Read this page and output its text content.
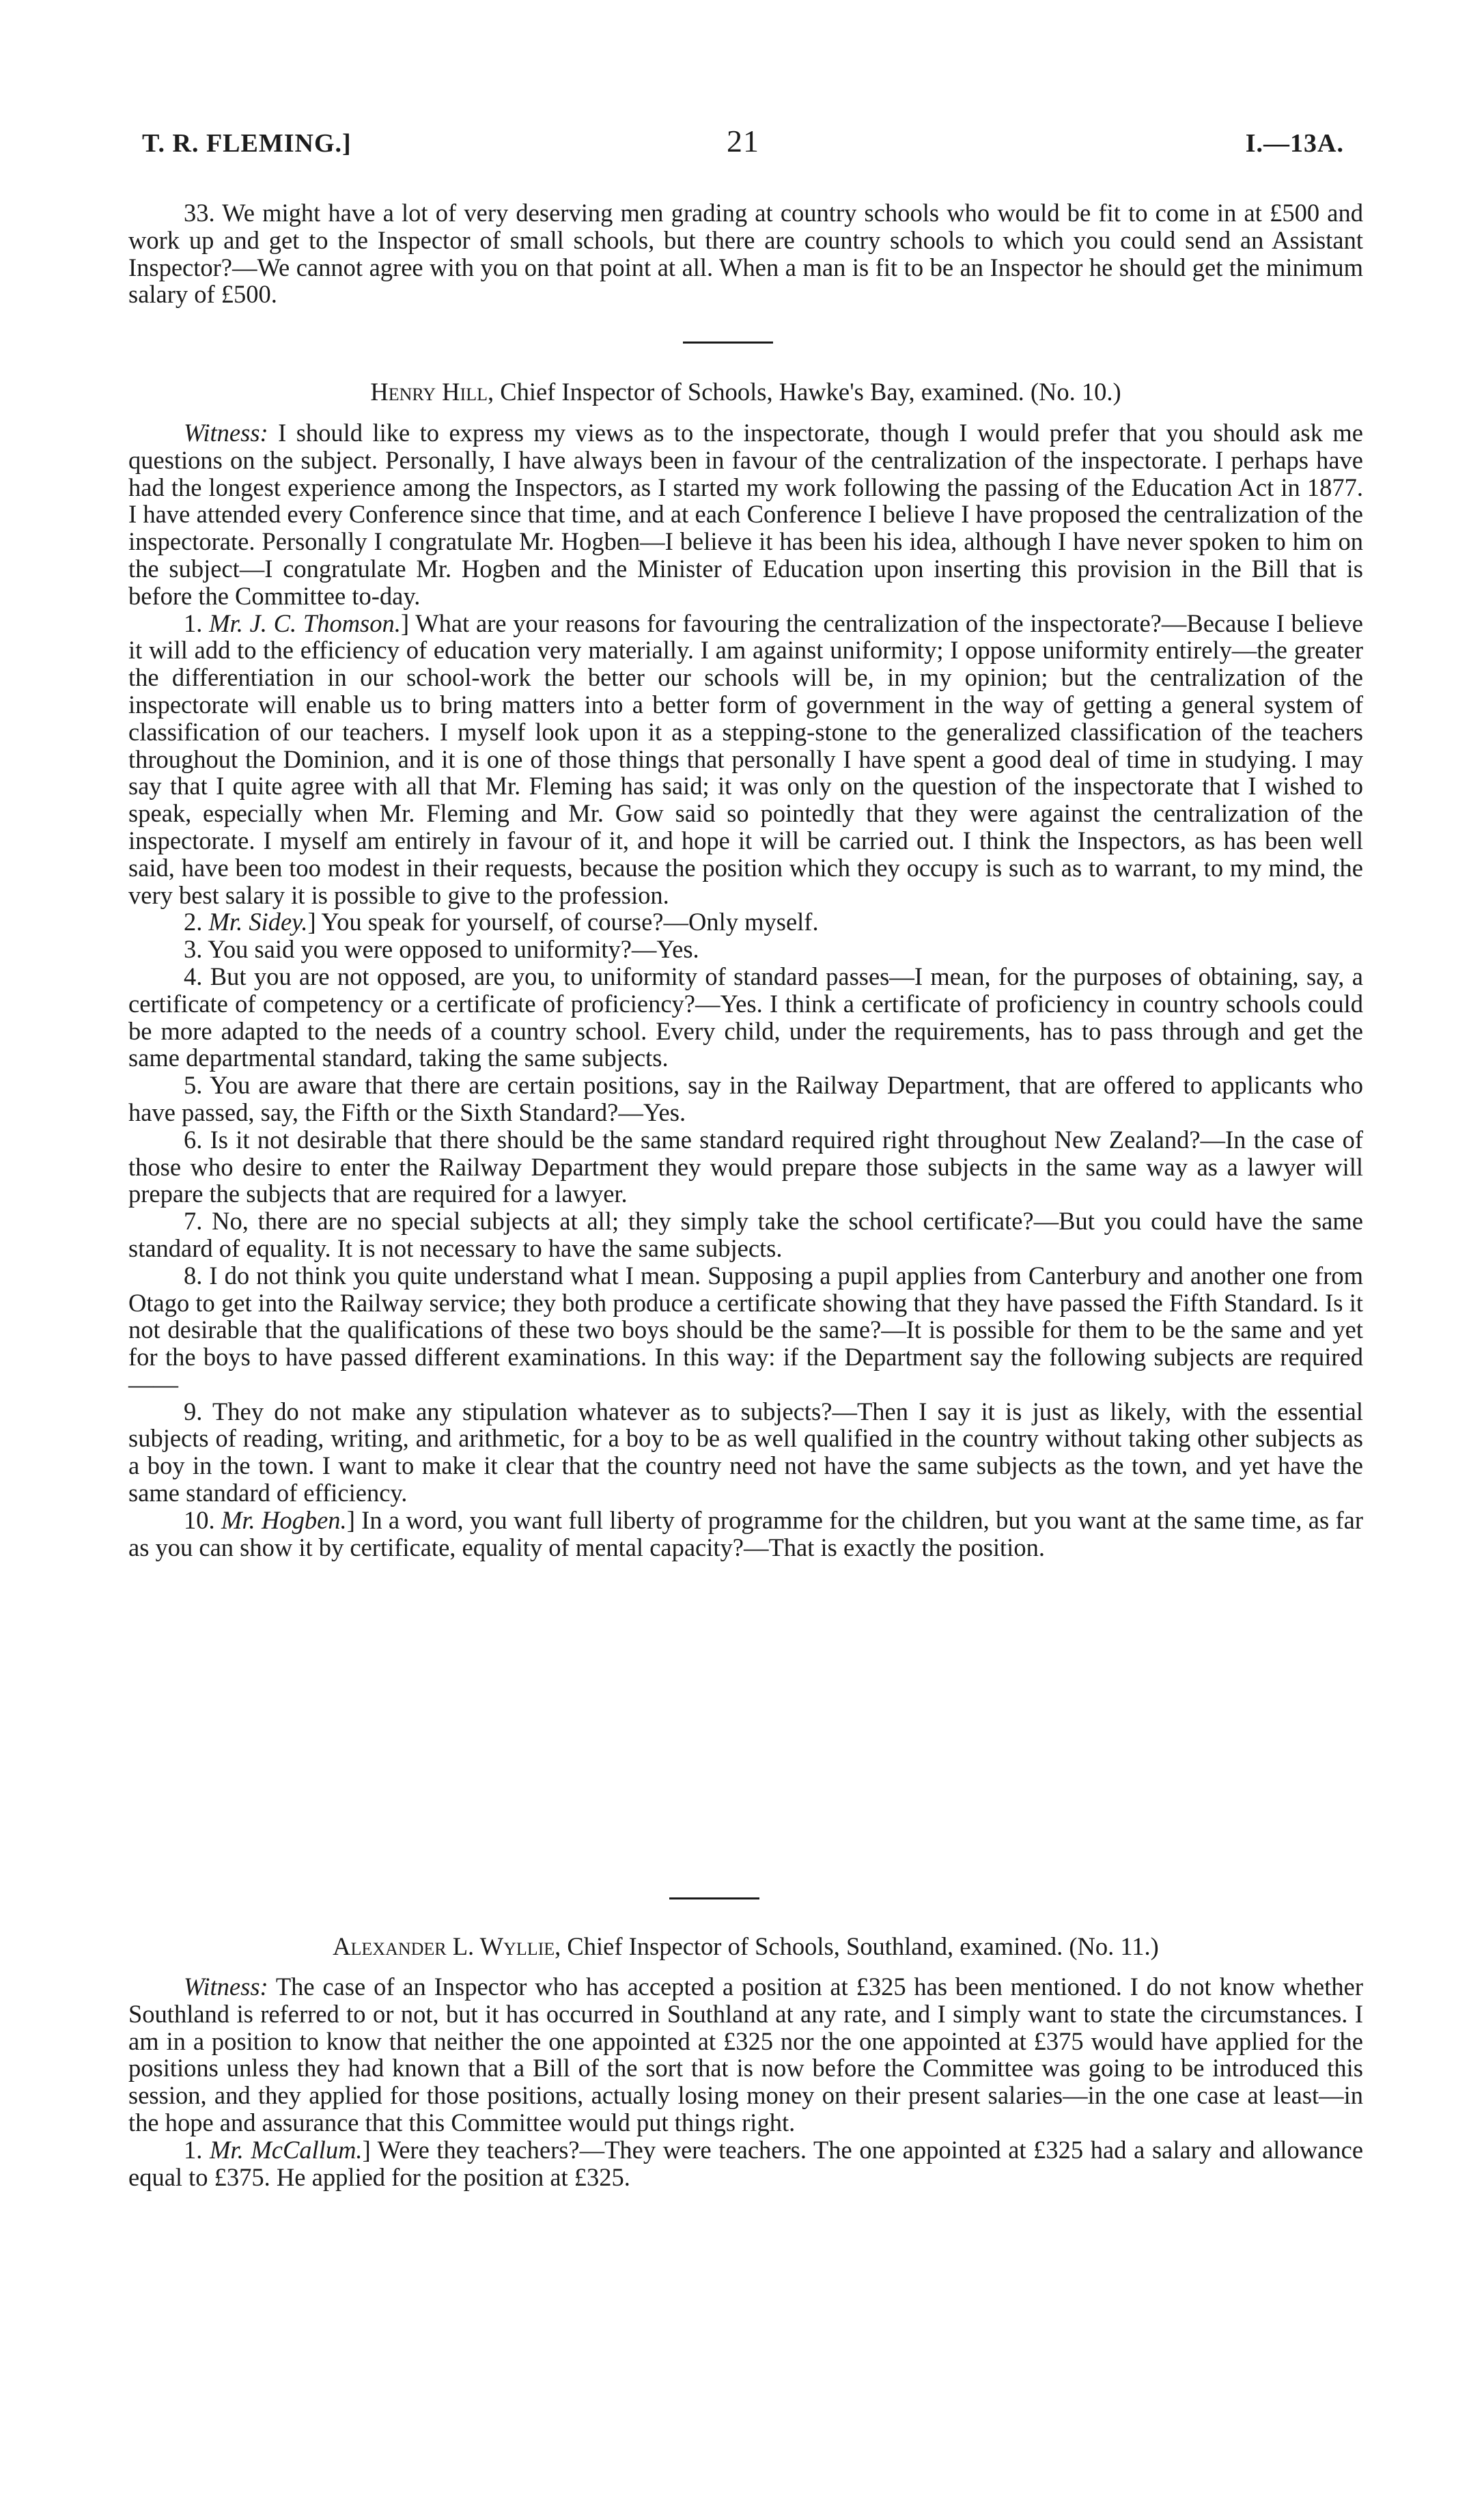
T. R. FLEMING.]	21	I.—13A.

33. We might have a lot of very deserving men grading at country schools who would be fit to come in at £500 and work up and get to the Inspector of small schools, but there are country schools to which you could send an Assistant Inspector?—We cannot agree with you on that point at all. When a man is fit to be an Inspector he should get the minimum salary of £500.

Henry Hill, Chief Inspector of Schools, Hawke's Bay, examined. (No. 10.)

Witness: I should like to express my views as to the inspectorate, though I would prefer that you should ask me questions on the subject. Personally, I have always been in favour of the centralization of the inspectorate. I perhaps have had the longest experience among the Inspectors, as I started my work following the passing of the Education Act in 1877. I have attended every Conference since that time, and at each Conference I believe I have proposed the centralization of the inspectorate. Personally I congratulate Mr. Hogben—I believe it has been his idea, although I have never spoken to him on the subject—I congratulate Mr. Hogben and the Minister of Education upon inserting this provision in the Bill that is before the Committee to-day.

1. Mr. J. C. Thomson.] What are your reasons for favouring the centralization of the inspectorate?—Because I believe it will add to the efficiency of education very materially. I am against uniformity; I oppose uniformity entirely—the greater the differentiation in our school-work the better our schools will be, in my opinion; but the centralization of the inspectorate will enable us to bring matters into a better form of government in the way of getting a general system of classification of our teachers. I myself look upon it as a stepping-stone to the generalized classification of the teachers throughout the Dominion, and it is one of those things that personally I have spent a good deal of time in studying. I may say that I quite agree with all that Mr. Fleming has said; it was only on the question of the inspectorate that I wished to speak, especially when Mr. Fleming and Mr. Gow said so pointedly that they were against the centralization of the inspectorate. I myself am entirely in favour of it, and hope it will be carried out. I think the Inspectors, as has been well said, have been too modest in their requests, because the position which they occupy is such as to warrant, to my mind, the very best salary it is possible to give to the profession.

2. Mr. Sidey.] You speak for yourself, of course?—Only myself.

3. You said you were opposed to uniformity?—Yes.

4. But you are not opposed, are you, to uniformity of standard passes—I mean, for the purposes of obtaining, say, a certificate of competency or a certificate of proficiency?—Yes. I think a certificate of proficiency in country schools could be more adapted to the needs of a country school. Every child, under the requirements, has to pass through and get the same departmental standard, taking the same subjects.

5. You are aware that there are certain positions, say in the Railway Department, that are offered to applicants who have passed, say, the Fifth or the Sixth Standard?—Yes.

6. Is it not desirable that there should be the same standard required right throughout New Zealand?—In the case of those who desire to enter the Railway Department they would prepare those subjects in the same way as a lawyer will prepare the subjects that are required for a lawyer.

7. No, there are no special subjects at all; they simply take the school certificate?—But you could have the same standard of equality. It is not necessary to have the same subjects.

8. I do not think you quite understand what I mean. Supposing a pupil applies from Canterbury and another one from Otago to get into the Railway service; they both produce a certificate showing that they have passed the Fifth Standard. Is it not desirable that the qualifications of these two boys should be the same?—It is possible for them to be the same and yet for the boys to have passed different examinations. In this way: if the Department say the following subjects are required——

9. They do not make any stipulation whatever as to subjects?—Then I say it is just as likely, with the essential subjects of reading, writing, and arithmetic, for a boy to be as well qualified in the country without taking other subjects as a boy in the town. I want to make it clear that the country need not have the same subjects as the town, and yet have the same standard of efficiency.

10. Mr. Hogben.] In a word, you want full liberty of programme for the children, but you want at the same time, as far as you can show it by certificate, equality of mental capacity?—That is exactly the position.

Alexander L. Wyllie, Chief Inspector of Schools, Southland, examined. (No. 11.)

Witness: The case of an Inspector who has accepted a position at £325 has been mentioned. I do not know whether Southland is referred to or not, but it has occurred in Southland at any rate, and I simply want to state the circumstances. I am in a position to know that neither the one appointed at £325 nor the one appointed at £375 would have applied for the positions unless they had known that a Bill of the sort that is now before the Committee was going to be introduced this session, and they applied for those positions, actually losing money on their present salaries—in the one case at least—in the hope and assurance that this Committee would put things right.

1. Mr. McCallum.] Were they teachers?—They were teachers. The one appointed at £325 had a salary and allowance equal to £375. He applied for the position at £325.
